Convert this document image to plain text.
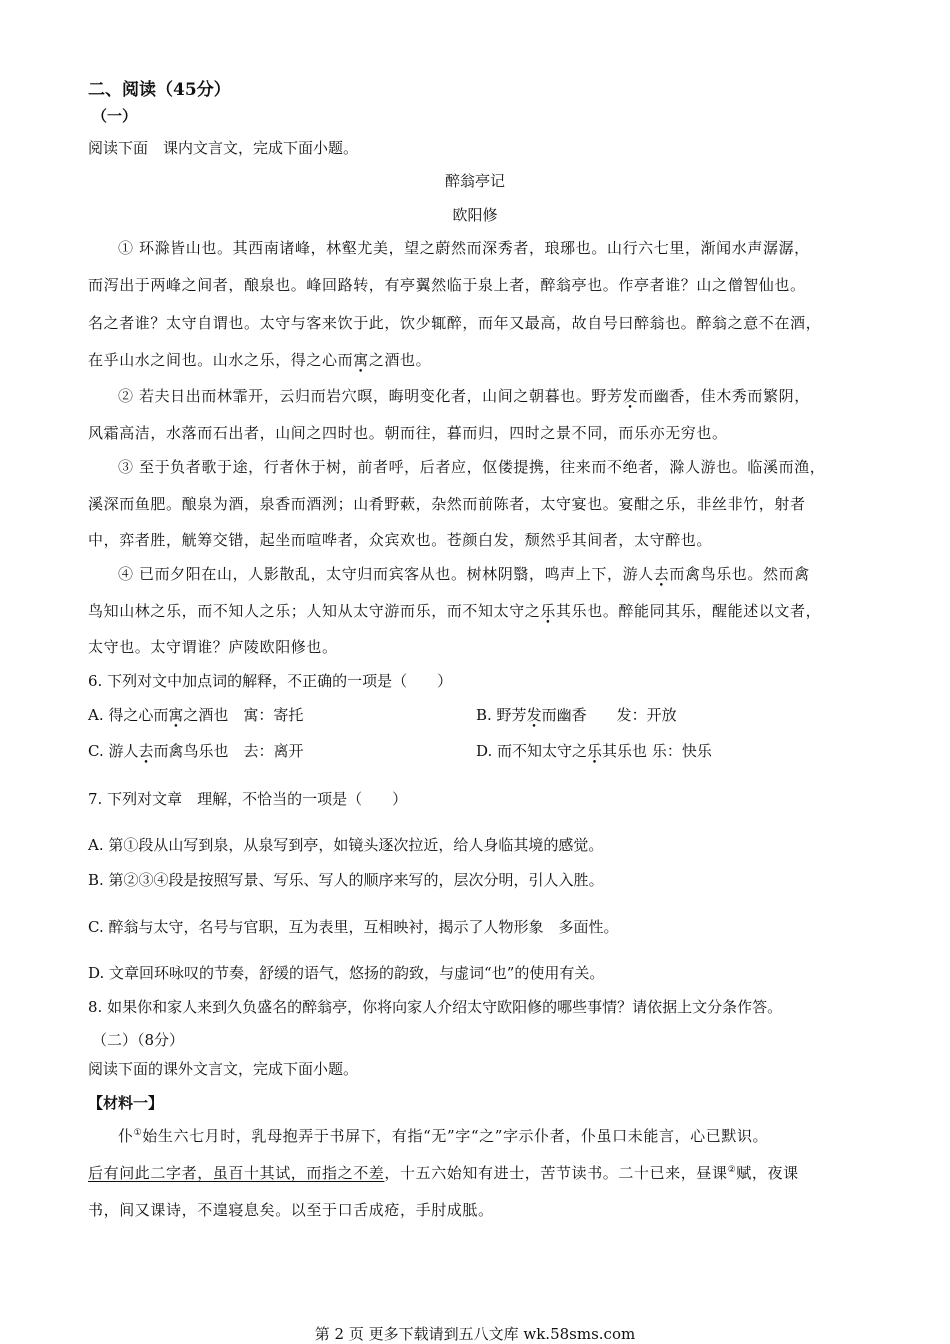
二、阅读（45分）
（一）
阅读下面　课内文言文，完成下面小题。
醉翁亭记
欧阳修
① 环滁皆山也。其西南诸峰，林壑尤美，望之蔚然而深秀者，琅琊也。山行六七里，渐闻水声潺潺，
而泻出于两峰之间者，酿泉也。峰回路转，有亭翼然临于泉上者，醉翁亭也。作亭者谁？山之僧智仙也。
名之者谁？太守自谓也。太守与客来饮于此，饮少辄醉，而年又最高，故自号曰醉翁也。醉翁之意不在酒，
在乎山水之间也。山水之乐，得之心而寓之酒也。
② 若夫日出而林霏开，云归而岩穴暝，晦明变化者，山间之朝暮也。野芳发而幽香，佳木秀而繁阴，
风霜高洁，水落而石出者，山间之四时也。朝而往，暮而归，四时之景不同，而乐亦无穷也。
③ 至于负者歌于途，行者休于树，前者呼，后者应，伛偻提携，往来而不绝者，滁人游也。临溪而渔，
溪深而鱼肥。酿泉为酒，泉香而酒洌；山肴野蔌，杂然而前陈者，太守宴也。宴酣之乐，非丝非竹，射者
中，弈者胜，觥筹交错，起坐而喧哗者，众宾欢也。苍颜白发，颓然乎其间者，太守醉也。
④ 已而夕阳在山，人影散乱，太守归而宾客从也。树林阴翳，鸣声上下，游人去而禽鸟乐也。然而禽
鸟知山林之乐，而不知人之乐；人知从太守游而乐，而不知太守之乐其乐也。醉能同其乐，醒能述以文者，
太守也。太守谓谁？庐陵欧阳修也。
6. 下列对文中加点词的解释，不正确的一项是（　　）
A. 得之心而寓之酒也　寓：寄托	B. 野芳发而幽香　　发：开放
C. 游人去而禽鸟乐也　去：离开	D. 而不知太守之乐其乐也 乐：快乐
7. 下列对文章　理解，不恰当的一项是（　　）
A. 第①段从山写到泉，从泉写到亭，如镜头逐次拉近，给人身临其境的感觉。
B. 第②③④段是按照写景、写乐、写人的顺序来写的，层次分明，引人入胜。
C. 醉翁与太守，名号与官职，互为表里，互相映衬，揭示了人物形象　多面性。
D. 文章回环咏叹的节奏，舒缓的语气，悠扬的韵致，与虚词“也”的使用有关。
8. 如果你和家人来到久负盛名的醉翁亭，你将向家人介绍太守欧阳修的哪些事情？请依据上文分条作答。
（二）（8分）
阅读下面的课外文言文，完成下面小题。
【材料一】
仆①始生六七月时，乳母抱弄于书屏下，有指“无”字“之”字示仆者，仆虽口未能言，心已默识。
后有问此二字者，虽百十其试，而指之不差，十五六始知有进士，苦节读书。二十已来，昼课②赋，夜课
书，间又课诗，不遑寝息矣。以至于口舌成疮，手肘成胝。
第 2 页 更多下载请到五八文库 wk.58sms.com
